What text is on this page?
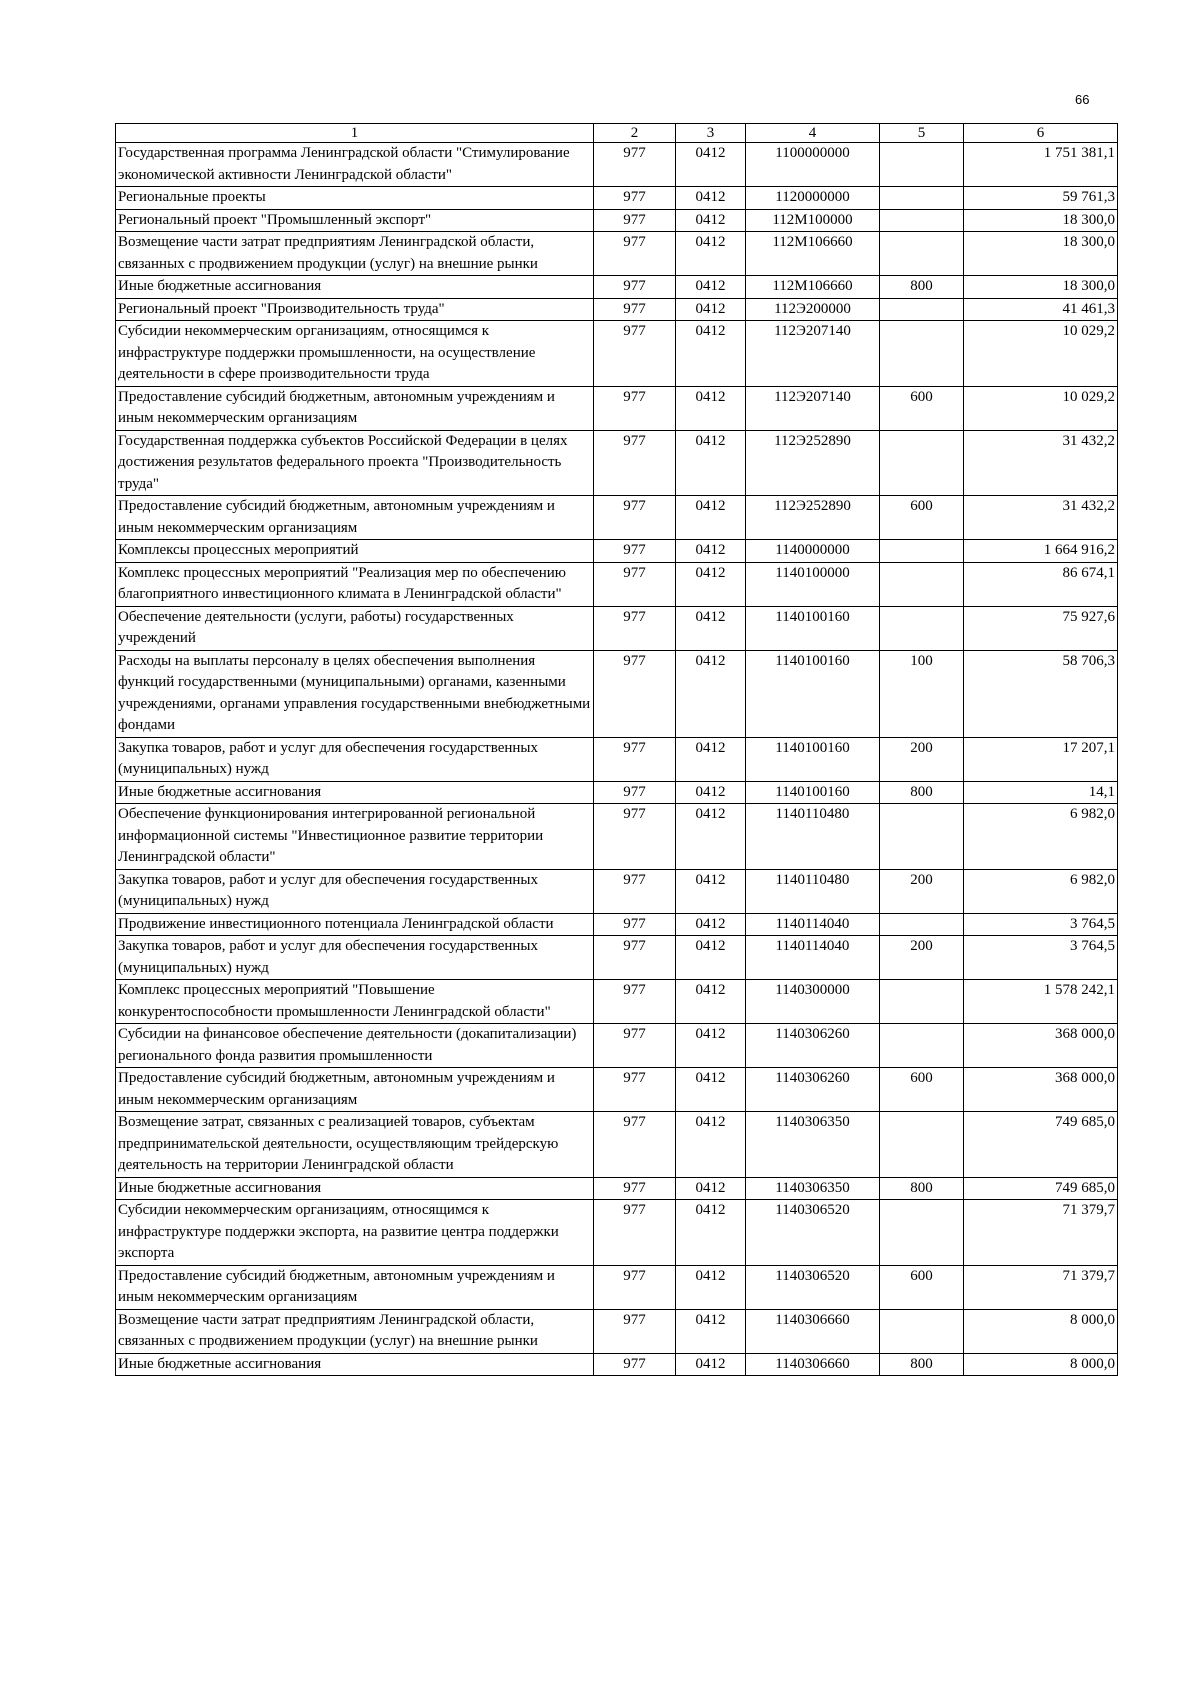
66
1	2	3	4	5	6
Государственная программа Ленинградской области "Стимулирование экономической активности Ленинградской области"	977	0412	1100000000		1 751 381,1
Региональные проекты	977	0412	1120000000		59 761,3
Региональный проект "Промышленный экспорт"	977	0412	112М100000		18 300,0
Возмещение части затрат предприятиям Ленинградской области, связанных с продвижением продукции (услуг) на внешние рынки	977	0412	112М106660		18 300,0
Иные бюджетные ассигнования	977	0412	112М106660	800	18 300,0
Региональный проект "Производительность труда"	977	0412	112Э200000		41 461,3
Субсидии некоммерческим организациям, относящимся к инфраструктуре поддержки промышленности, на осуществление деятельности в сфере производительности труда	977	0412	112Э207140		10 029,2
Предоставление субсидий бюджетным, автономным учреждениям и иным некоммерческим организациям	977	0412	112Э207140	600	10 029,2
Государственная поддержка субъектов Российской Федерации в целях достижения результатов федерального проекта "Производительность труда"	977	0412	112Э252890		31 432,2
Предоставление субсидий бюджетным, автономным учреждениям и иным некоммерческим организациям	977	0412	112Э252890	600	31 432,2
Комплексы процессных мероприятий	977	0412	1140000000		1 664 916,2
Комплекс процессных мероприятий "Реализация мер по обеспечению благоприятного инвестиционного климата в Ленинградской области"	977	0412	1140100000		86 674,1
Обеспечение деятельности (услуги, работы) государственных учреждений	977	0412	1140100160		75 927,6
Расходы на выплаты персоналу в целях обеспечения выполнения функций государственными (муниципальными) органами, казенными учреждениями, органами управления государственными внебюджетными фондами	977	0412	1140100160	100	58 706,3
Закупка товаров, работ и услуг для обеспечения государственных (муниципальных) нужд	977	0412	1140100160	200	17 207,1
Иные бюджетные ассигнования	977	0412	1140100160	800	14,1
Обеспечение функционирования интегрированной региональной информационной системы "Инвестиционное развитие территории Ленинградской области"	977	0412	1140110480		6 982,0
Закупка товаров, работ и услуг для обеспечения государственных (муниципальных) нужд	977	0412	1140110480	200	6 982,0
Продвижение инвестиционного потенциала Ленинградской области	977	0412	1140114040		3 764,5
Закупка товаров, работ и услуг для обеспечения государственных (муниципальных) нужд	977	0412	1140114040	200	3 764,5
Комплекс процессных мероприятий "Повышение конкурентоспособности промышленности Ленинградской области"	977	0412	1140300000		1 578 242,1
Субсидии на финансовое обеспечение деятельности (докапитализации) регионального фонда развития промышленности	977	0412	1140306260		368 000,0
Предоставление субсидий бюджетным, автономным учреждениям и иным некоммерческим организациям	977	0412	1140306260	600	368 000,0
Возмещение затрат, связанных с реализацией товаров, субъектам предпринимательской деятельности, осуществляющим трейдерскую деятельность на территории Ленинградской области	977	0412	1140306350		749 685,0
Иные бюджетные ассигнования	977	0412	1140306350	800	749 685,0
Субсидии некоммерческим организациям, относящимся к инфраструктуре поддержки экспорта, на развитие центра поддержки экспорта	977	0412	1140306520		71 379,7
Предоставление субсидий бюджетным, автономным учреждениям и иным некоммерческим организациям	977	0412	1140306520	600	71 379,7
Возмещение части затрат предприятиям Ленинградской области, связанных с продвижением продукции (услуг) на внешние рынки	977	0412	1140306660		8 000,0
Иные бюджетные ассигнования	977	0412	1140306660	800	8 000,0
